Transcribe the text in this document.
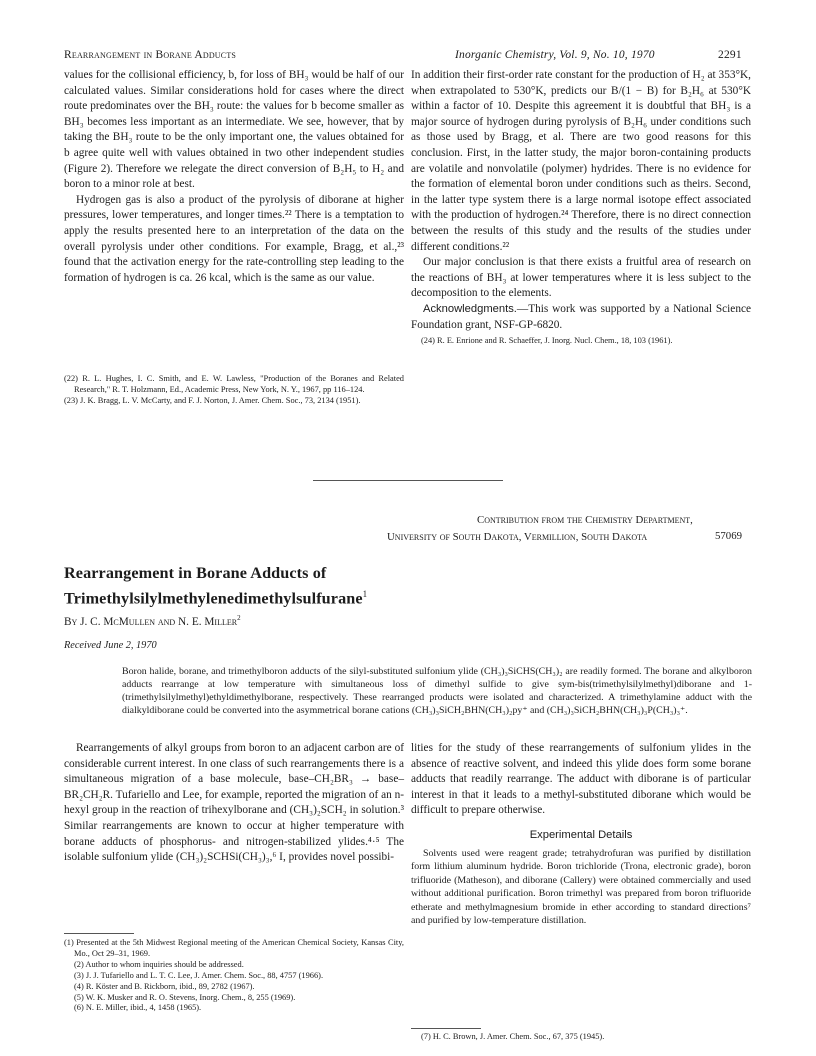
Rearrangement in Borane Adducts	Inorganic Chemistry, Vol. 9, No. 10, 1970	2291

values for the collisional efficiency, b, for loss of BH₃ would be half of our calculated values. Similar considerations hold for cases where the direct route predominates over the BH₃ route: the values for b become smaller as BH₃ becomes less important as an intermediate. We see, however, that by taking the BH₃ route to be the only important one, the values obtained for b agree quite well with values obtained in two other independent studies (Figure 2). Therefore we relegate the direct conversion of B₂H₅ to H₂ and boron to a minor role at best.

Hydrogen gas is also a product of the pyrolysis of diborane at higher pressures, lower temperatures, and longer times.²² There is a temptation to apply the results presented here to an interpretation of the data on the overall pyrolysis under other conditions. For example, Bragg, et al.,²³ found that the activation energy for the rate-controlling step leading to the formation of hydrogen is ca. 26 kcal, which is the same as our value.

(22) R. L. Hughes, I. C. Smith, and E. W. Lawless, "Production of the Boranes and Related Research," R. T. Holzmann, Ed., Academic Press, New York, N. Y., 1967, pp 116–124.

(23) J. K. Bragg, L. V. McCarty, and F. J. Norton, J. Amer. Chem. Soc., 73, 2134 (1951).

In addition their first-order rate constant for the production of H₂ at 353°K, when extrapolated to 530°K, predicts our B/(1 − B) for B₂H₆ at 530°K within a factor of 10. Despite this agreement it is doubtful that BH₃ is a major source of hydrogen during pyrolysis of B₂H₆ under conditions such as those used by Bragg, et al. There are two good reasons for this conclusion. First, in the latter study, the major boron-containing products are volatile and nonvolatile (polymer) hydrides. There is no evidence for the formation of elemental boron under conditions such as theirs. Second, in the latter type system there is a large normal isotope effect associated with the production of hydrogen.²⁴ Therefore, there is no direct connection between the results of this study and the results of the studies under different conditions.²²

Our major conclusion is that there exists a fruitful area of research on the reactions of BH₃ at lower temperatures where it is less subject to the decomposition to the elements.

Acknowledgments.—This work was supported by a National Science Foundation grant, NSF-GP-6820.

(24) R. E. Enrione and R. Schaeffer, J. Inorg. Nucl. Chem., 18, 103 (1961).

Contribution from the Chemistry Department,
University of South Dakota, Vermillion, South Dakota	57069
Rearrangement in Borane Adducts of
Trimethylsilylmethylenedimethylsulfurane$^1$
By J. C. McMullen and N. E. Miller$^2$
Received June 2, 1970

Boron halide, borane, and trimethylboron adducts of the silyl-substituted sulfonium ylide (CH₃)₃SiCHS(CH₃)₂ are readily formed. The borane and alkylboron adducts rearrange at low temperature with simultaneous loss of dimethyl sulfide to give sym-bis(trimethylsilylmethyl)diborane and 1-(trimethylsilylmethyl)ethyldimethylborane, respectively. These rearranged products were isolated and characterized. A trimethylamine adduct with the dialkyldiborane could be converted into the asymmetrical borane cations (CH₃)₃SiCH₂BHN(CH₃)₂py⁺ and (CH₃)₃SiCH₂BHN(CH₃)₃P(CH₃)₃⁺.

Rearrangements of alkyl groups from boron to an adjacent carbon are of considerable current interest. In one class of such rearrangements there is a simultaneous migration of a base molecule, base–CH₂BR₃ → base–BR₂CH₂R. Tufariello and Lee, for example, reported the migration of an n-hexyl group in the reaction of trihexylborane and (CH₃)₂SCH₂ in solution.³ Similar rearrangements are known to occur at higher temperature with borane adducts of phosphorus- and nitrogen-stabilized ylides.⁴·⁵ The isolable sulfonium ylide (CH₃)₂SCHSi(CH₃)₃,⁶ I, provides novel possibi-

(1) Presented at the 5th Midwest Regional meeting of the American Chemical Society, Kansas City, Mo., Oct 29–31, 1969.

(2) Author to whom inquiries should be addressed.

(3) J. J. Tufariello and L. T. C. Lee, J. Amer. Chem. Soc., 88, 4757 (1966).

(4) R. Köster and B. Rickborn, ibid., 89, 2782 (1967).

(5) W. K. Musker and R. O. Stevens, Inorg. Chem., 8, 255 (1969).

(6) N. E. Miller, ibid., 4, 1458 (1965).

lities for the study of these rearrangements of sulfonium ylides in the absence of reactive solvent, and indeed this ylide does form some borane adducts that readily rearrange. The adduct with diborane is of particular interest in that it leads to a methyl-substituted diborane which would be difficult to prepare otherwise.

Experimental Details

Solvents used were reagent grade; tetrahydrofuran was purified by distillation form lithium aluminum hydride. Boron trichloride (Trona, electronic grade), boron trifluoride (Matheson), and diborane (Callery) were obtained commercially and used without additional purification. Boron trimethyl was prepared from boron trifluoride etherate and methylmagnesium bromide in ether according to standard directions⁷ and purified by low-temperature distillation.

(7) H. C. Brown, J. Amer. Chem. Soc., 67, 375 (1945).
